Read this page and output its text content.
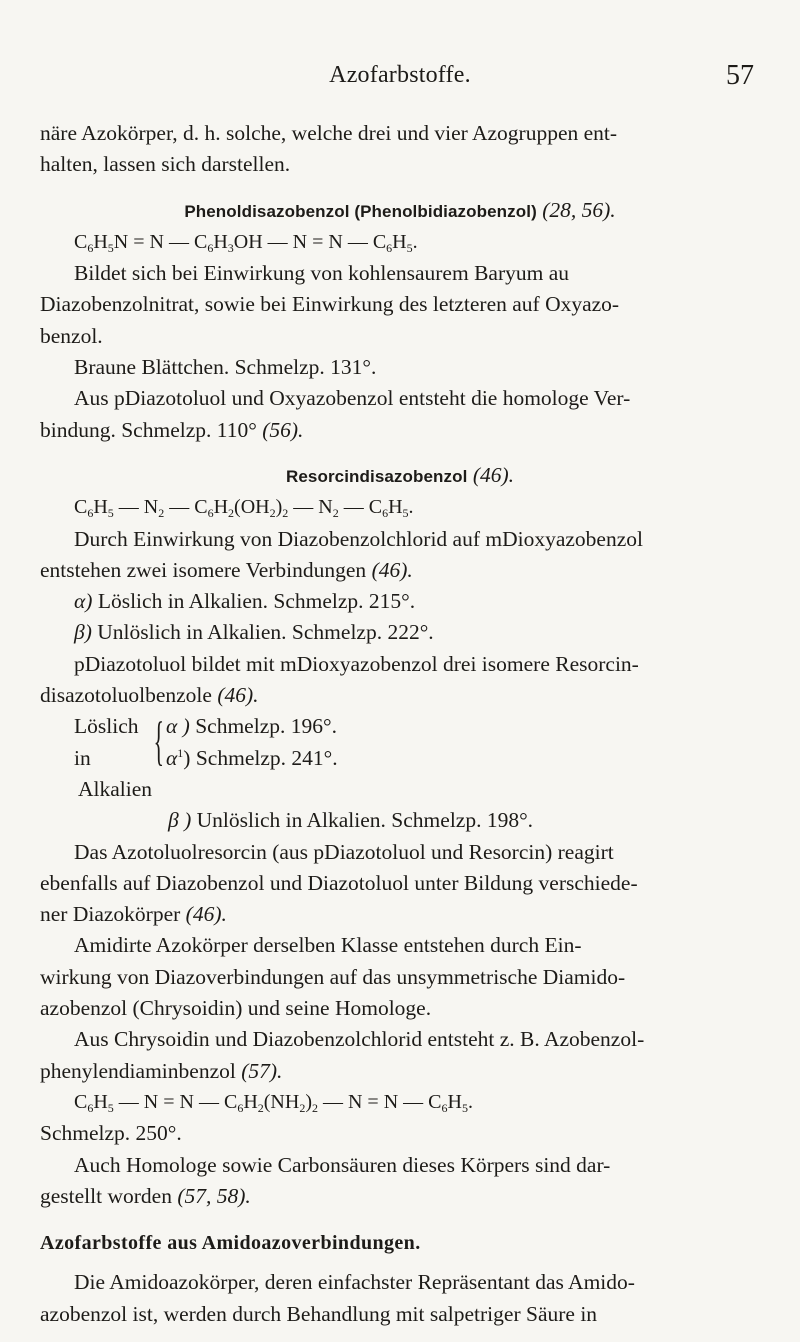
Azofarbstoffe.	57

näre Azokörper, d. h. solche, welche drei und vier Azogruppen ent-

halten, lassen sich darstellen.

Phenoldisazobenzol (Phenolbidiazobenzol) (28, 56).

$C_6H_5N = N$ — $C_6H_3OH$ — N = N — $C_6H_5$.

Bildet sich bei Einwirkung von kohlensaurem Baryum au

Diazobenzolnitrat, sowie bei Einwirkung des letzteren auf Oxyazo-

benzol.

Braune Blättchen. Schmelzp. 131°.

Aus pDiazotoluol und Oxyazobenzol entsteht die homologe Ver-

bindung. Schmelzp. 110° (56).

Resorcindisazobenzol (46).

$C_6H_5$ — $N_2$ — $C_6H_2(OH_2)_2$ — $N_2$ — $C_6H_5$.

Durch Einwirkung von Diazobenzolchlorid auf mDioxyazobenzol

entstehen zwei isomere Verbindungen (46).

α) Löslich in Alkalien. Schmelzp. 215°.

β) Unlöslich in Alkalien. Schmelzp. 222°.

pDiazotoluol bildet mit mDioxyazobenzol drei isomere Resorcin-

disazotoluolbenzole (46).

Löslich in
Alkalien
{ α ) Schmelzp. 196°.
$\alpha^1$) Schmelzp. 241°.

β ) Unlöslich in Alkalien. Schmelzp. 198°.

Das Azotoluolresorcin (aus pDiazotoluol und Resorcin) reagirt

ebenfalls auf Diazobenzol und Diazotoluol unter Bildung verschiede-

ner Diazokörper (46).

Amidirte Azokörper derselben Klasse entstehen durch Ein-

wirkung von Diazoverbindungen auf das unsymmetrische Diamido-

azobenzol (Chrysoidin) und seine Homologe.

Aus Chrysoidin und Diazobenzolchlorid entsteht z. B. Azobenzol-

phenylendiaminbenzol (57).

$C_6H_5$ — N = N — $C_6H_2(NH_2)_2$ — N = N — $C_6H_5$.

Schmelzp. 250°.

Auch Homologe sowie Carbonsäuren dieses Körpers sind dar-

gestellt worden (57, 58).

Azofarbstoffe aus Amidoazoverbindungen.

Die Amidoazokörper, deren einfachster Repräsentant das Amido-

azobenzol ist, werden durch Behandlung mit salpetriger Säure in
